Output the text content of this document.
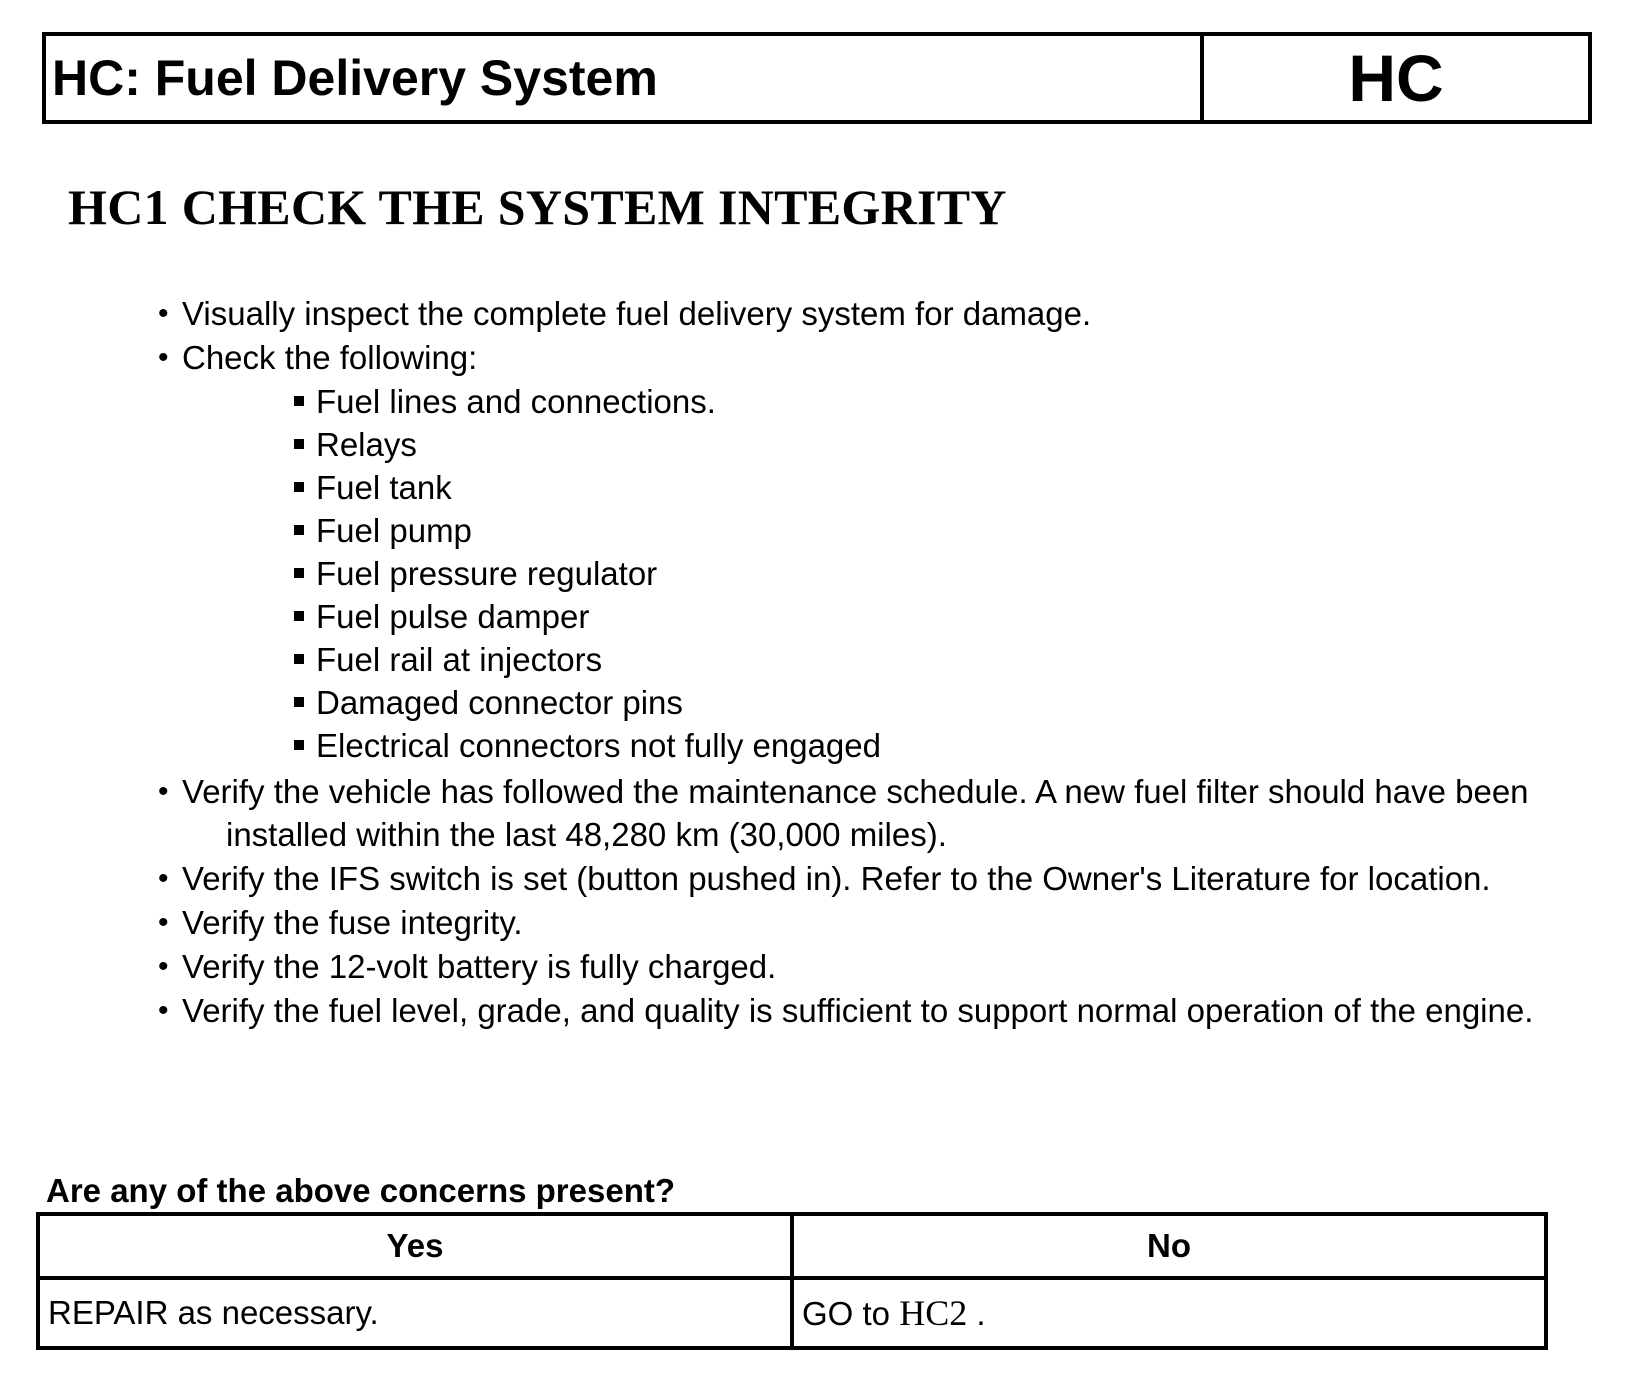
HC: Fuel Delivery System	HC
HC1 CHECK THE SYSTEM INTEGRITY
• Visually inspect the complete fuel delivery system for damage.
• Check the following:
Fuel lines and connections.
Relays
Fuel tank
Fuel pump
Fuel pressure regulator
Fuel pulse damper
Fuel rail at injectors
Damaged connector pins
Electrical connectors not fully engaged
• Verify the vehicle has followed the maintenance schedule. A new fuel filter should have been installed within the last 48,280 km (30,000 miles).
• Verify the IFS switch is set (button pushed in). Refer to the Owner's Literature for location.
• Verify the fuse integrity.
• Verify the 12-volt battery is fully charged.
• Verify the fuel level, grade, and quality is sufficient to support normal operation of the engine.

Are any of the above concerns present?

Yes	No
REPAIR as necessary.	GO to HC2 .
